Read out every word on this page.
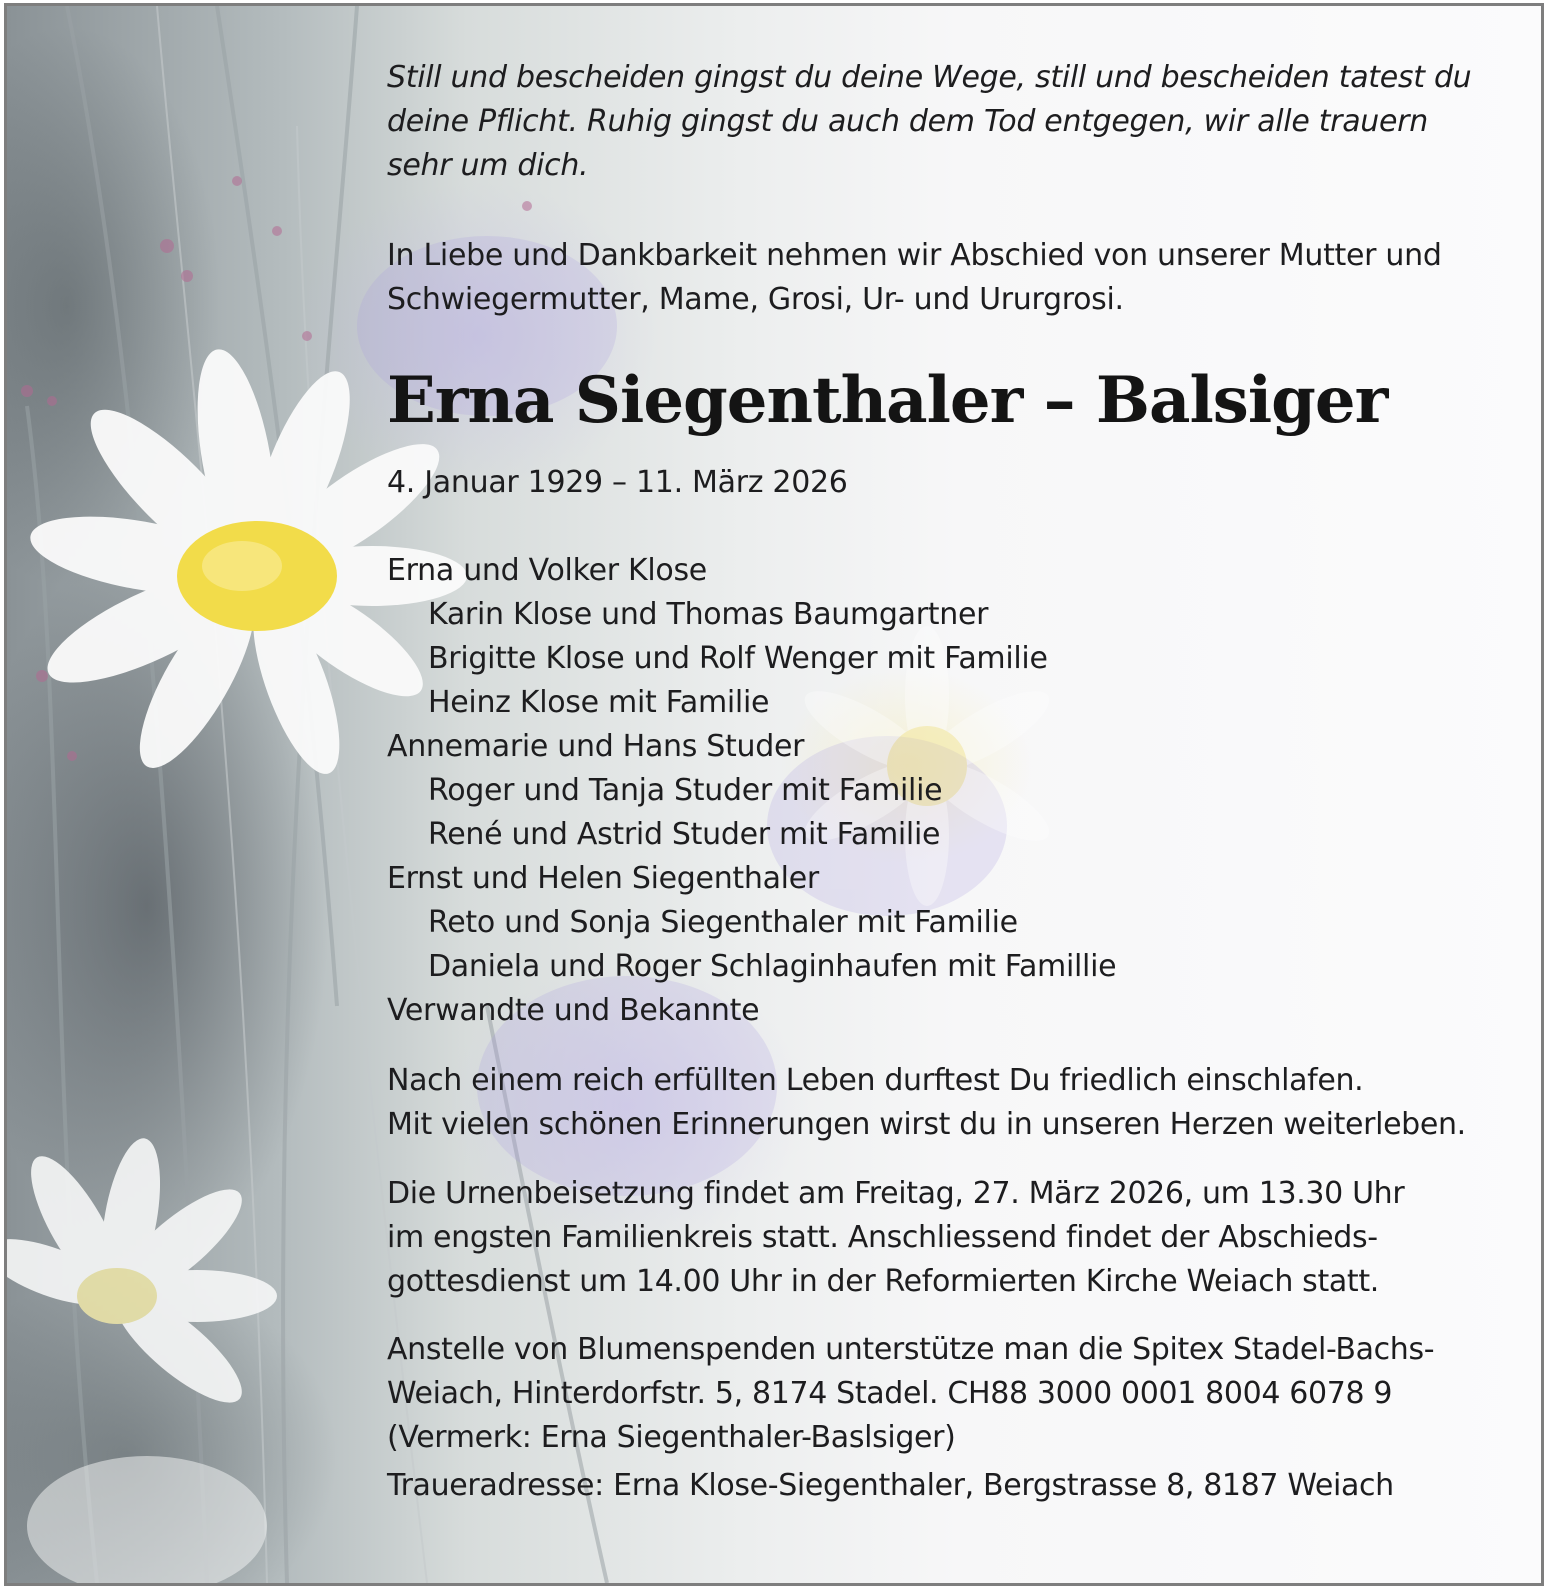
Still und bescheiden gingst du deine Wege, still und bescheiden tatest du
deine Pflicht. Ruhig gingst du auch dem Tod entgegen, wir alle trauern
sehr um dich.

In Liebe und Dankbarkeit nehmen wir Abschied von unserer Mutter und
Schwiegermutter, Mame, Grosi, Ur- und Ururgrosi.

Erna Siegenthaler – Balsiger

4. Januar 1929 – 11. März 2026

Erna und Volker Klose
Karin Klose und Thomas Baumgartner
Brigitte Klose und Rolf Wenger mit Familie
Heinz Klose mit Familie
Annemarie und Hans Studer
Roger und Tanja Studer mit Familie
René und Astrid Studer mit Familie
Ernst und Helen Siegenthaler
Reto und Sonja Siegenthaler mit Familie
Daniela und Roger Schlaginhaufen mit Famillie
Verwandte und Bekannte

Nach einem reich erfüllten Leben durftest Du friedlich einschlafen.
Mit vielen schönen Erinnerungen wirst du in unseren Herzen weiterleben.

Die Urnenbeisetzung findet am Freitag, 27. März 2026, um 13.30 Uhr
im engsten Familienkreis statt. Anschliessend findet der Abschieds-
gottesdienst um 14.00 Uhr in der Reformierten Kirche Weiach statt.

Anstelle von Blumenspenden unterstütze man die Spitex Stadel-Bachs-
Weiach, Hinterdorfstr. 5, 8174 Stadel. CH88 3000 0001 8004 6078 9
(Vermerk: Erna Siegenthaler-Baslsiger)

Traueradresse: Erna Klose-Siegenthaler, Bergstrasse 8, 8187 Weiach
